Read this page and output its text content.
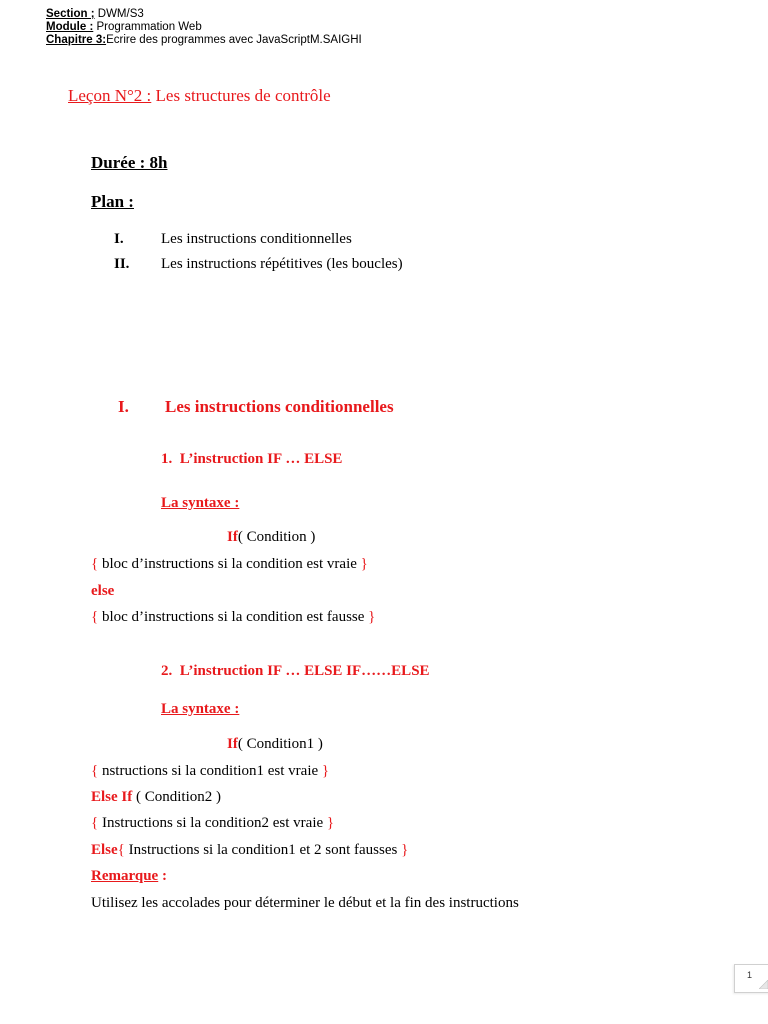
Section ; DWM/S3
Module : Programmation Web
Chapitre 3:Ecrire des programmes avec JavaScriptM.SAIGHI
Leçon N°2 : Les structures de contrôle
Durée : 8h
Plan :
I. Les instructions conditionnelles
II. Les instructions répétitives (les boucles)
I. Les instructions conditionnelles
1. L’instruction IF … ELSE
La syntaxe :
If( Condition )
{ bloc d’instructions si la condition est vraie }
else
{ bloc d’instructions si la condition est fausse }
2. L’instruction IF … ELSE IF……ELSE
La syntaxe :
If( Condition1 )
{ nstructions si la condition1 est vraie }
Else If ( Condition2 )
{ Instructions si la condition2 est vraie }
Else{ Instructions si la condition1 et 2 sont fausses }
Remarque :
Utilisez les accolades pour déterminer le début et la fin des instructions
1
